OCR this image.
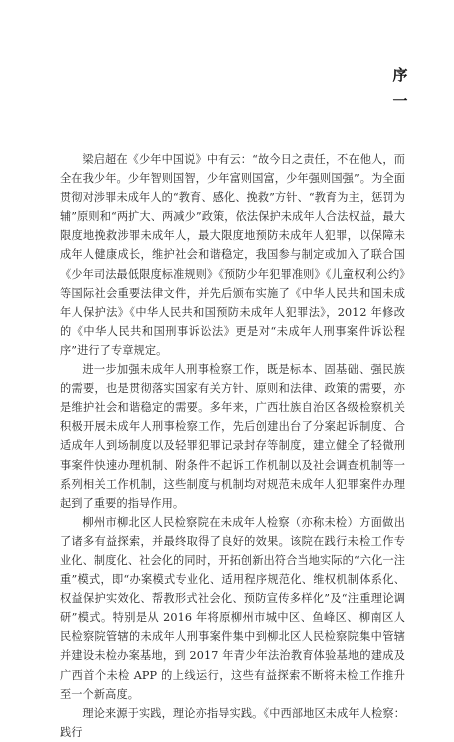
序
一

梁启超在《少年中国说》中有云：“故今日之责任，不在他人，而全在我少年。少年智则国智，少年富则国富，少年强则国强”。为全面贯彻对涉罪未成年人的“教育、感化、挽救”方针、“教育为主，惩罚为辅”原则和“两扩大、两减少”政策，依法保护未成年人合法权益，最大限度地挽救涉罪未成年人，最大限度地预防未成年人犯罪，以保障未成年人健康成长，维护社会和谐稳定，我国参与制定或加入了联合国《少年司法最低限度标准规则》《预防少年犯罪准则》《儿童权利公约》等国际社会重要法律文件，并先后颁布实施了《中华人民共和国未成年人保护法》《中华人民共和国预防未成年人犯罪法》，2012 年修改的《中华人民共和国刑事诉讼法》更是对“未成年人刑事案件诉讼程序”进行了专章规定。

进一步加强未成年人刑事检察工作，既是标本、固基础、强民族的需要，也是贯彻落实国家有关方针、原则和法律、政策的需要，亦是维护社会和谐稳定的需要。多年来，广西壮族自治区各级检察机关积极开展未成年人刑事检察工作，先后创建出台了分案起诉制度、合适成年人到场制度以及轻罪犯罪记录封存等制度，建立健全了轻微刑事案件快速办理机制、附条件不起诉工作机制以及社会调查机制等一系列相关工作机制，这些制度与机制均对规范未成年人犯罪案件办理起到了重要的指导作用。

柳州市柳北区人民检察院在未成年人检察（亦称未检）方面做出了诸多有益探索，并最终取得了良好的效果。该院在践行未检工作专业化、制度化、社会化的同时，开拓创新出符合当地实际的“六化一注重”模式，即“办案模式专业化、适用程序规范化、维权机制体系化、权益保护实效化、帮教形式社会化、预防宣传多样化”及“注重理论调研”模式。特别是从 2016 年将原柳州市城中区、鱼峰区、柳南区人民检察院管辖的未成年人刑事案件集中到柳北区人民检察院集中管辖并建设未检办案基地，到 2017 年青少年法治教育体验基地的建成及广西首个未检 APP 的上线运行，这些有益探索不断将未检工作推升至一个新高度。

理论来源于实践，理论亦指导实践。《中西部地区未成年人检察：践行
